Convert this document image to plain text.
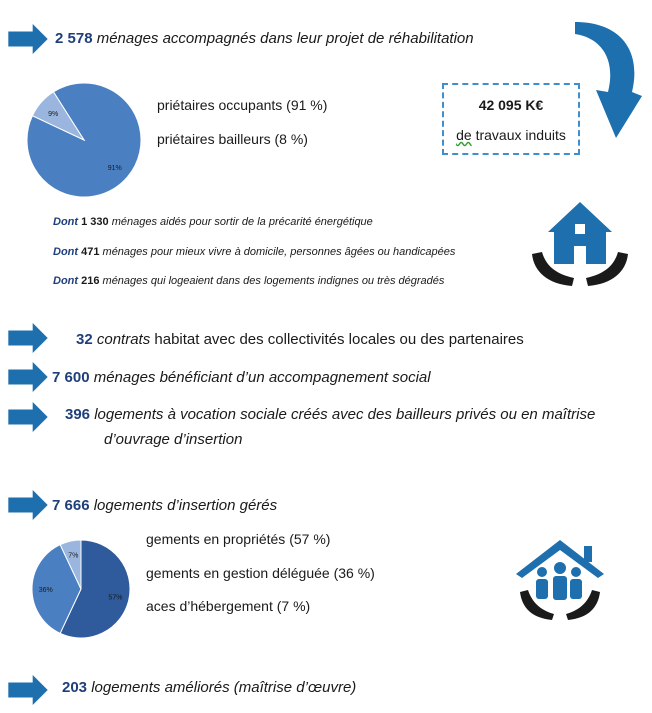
2 578 ménages accompagnés dans leur projet de réhabilitation
91%
9%
priétaires occupants (91 %)
priétaires bailleurs (8 %)
42 095 K€
de travaux induits
Dont 1 330 ménages aidés pour sortir de la précarité énergétique
Dont 471 ménages pour mieux vivre à domicile, personnes âgées ou handicapées
Dont 216 ménages qui logeaient dans des logements indignes ou très dégradés
32 contrats habitat avec des collectivités locales ou des partenaires
7 600 ménages bénéficiant d’un accompagnement social
396 logements à vocation sociale créés avec des bailleurs privés ou en maîtrise
d’ouvrage d’insertion
7 666 logements d’insertion gérés
57%
36%
7%
gements en propriétés (57 %)
gements en gestion déléguée (36 %)
aces d’hébergement (7 %)
203 logements améliorés (maîtrise d’œuvre)
